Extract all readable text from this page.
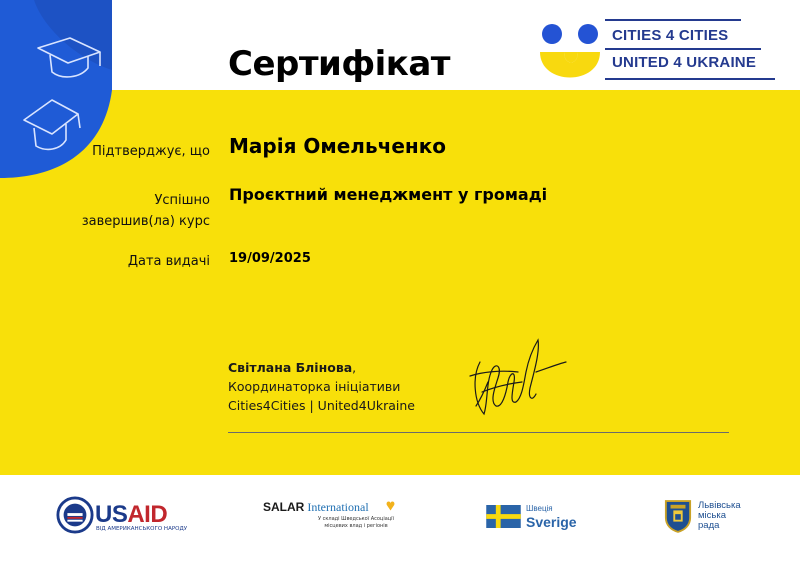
Сертифікат
CITIES 4 CITIES
UNITED 4 UKRAINE
Підтверджує, що
Успішно
завершив(ла) курс
Дата видачі
Марія Омельченко
Проєктний менеджмент у громаді
19/09/2025
Світлана Блінова,
Координаторка ініціативи
Cities4Cities | United4Ukraine
USAID
ВІД АМЕРИКАНСЬКОГО НАРОДУ
SALAR International
У складі Шведської Асоціації місцевих влад і регіонів
Швеція
Sverige
Львівська
міська
рада
